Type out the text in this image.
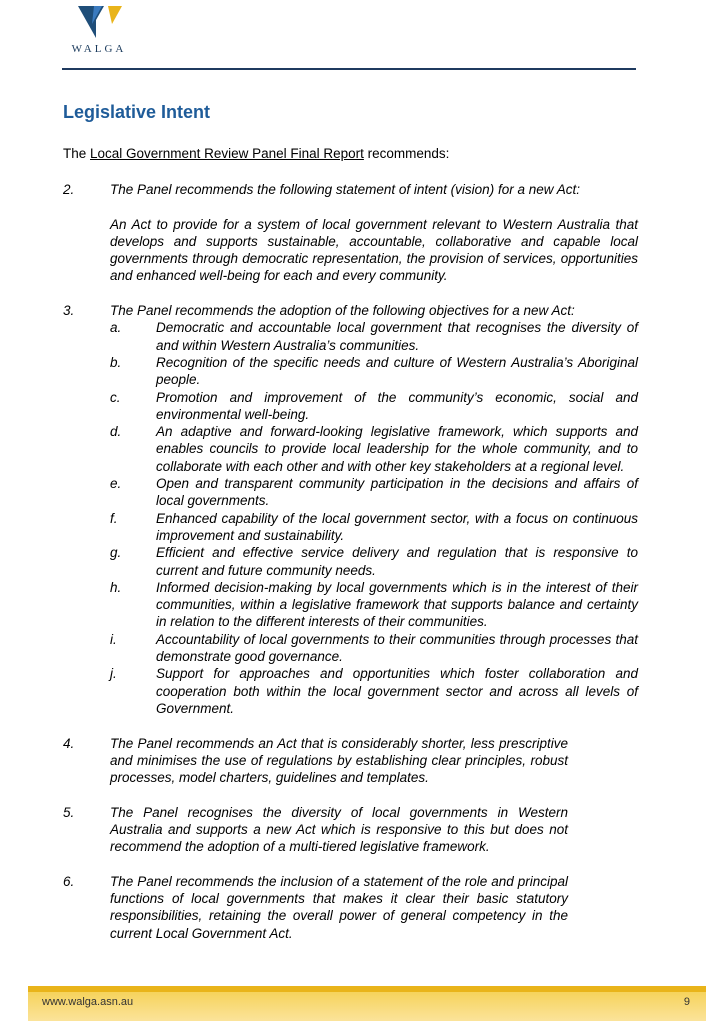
WALGA
Legislative Intent
The Local Government Review Panel Final Report recommends:
2.	The Panel recommends the following statement of intent (vision) for a new Act:
An Act to provide for a system of local government relevant to Western Australia that develops and supports sustainable, accountable, collaborative and capable local governments through democratic representation, the provision of services, opportunities and enhanced well-being for each and every community.
3.	The Panel recommends the adoption of the following objectives for a new Act:
a.	Democratic and accountable local government that recognises the diversity of and within Western Australia’s communities.
b.	Recognition of the specific needs and culture of Western Australia’s Aboriginal people.
c.	Promotion and improvement of the community’s economic, social and environmental well-being.
d.	An adaptive and forward-looking legislative framework, which supports and enables councils to provide local leadership for the whole community, and to collaborate with each other and with other key stakeholders at a regional level.
e.	Open and transparent community participation in the decisions and affairs of local governments.
f.	Enhanced capability of the local government sector, with a focus on continuous improvement and sustainability.
g.	Efficient and effective service delivery and regulation that is responsive to current and future community needs.
h.	Informed decision-making by local governments which is in the interest of their communities, within a legislative framework that supports balance and certainty in relation to the different interests of their communities.
i.	Accountability of local governments to their communities through processes that demonstrate good governance.
j.	Support for approaches and opportunities which foster collaboration and cooperation both within the local government sector and across all levels of Government.
4.	The Panel recommends an Act that is considerably shorter, less prescriptive and minimises the use of regulations by establishing clear principles, robust processes, model charters, guidelines and templates.
5.	The Panel recognises the diversity of local governments in Western Australia and supports a new Act which is responsive to this but does not recommend the adoption of a multi-tiered legislative framework.
6.	The Panel recommends the inclusion of a statement of the role and principal functions of local governments that makes it clear their basic statutory responsibilities, retaining the overall power of general competency in the current Local Government Act.
www.walga.asn.au	9
